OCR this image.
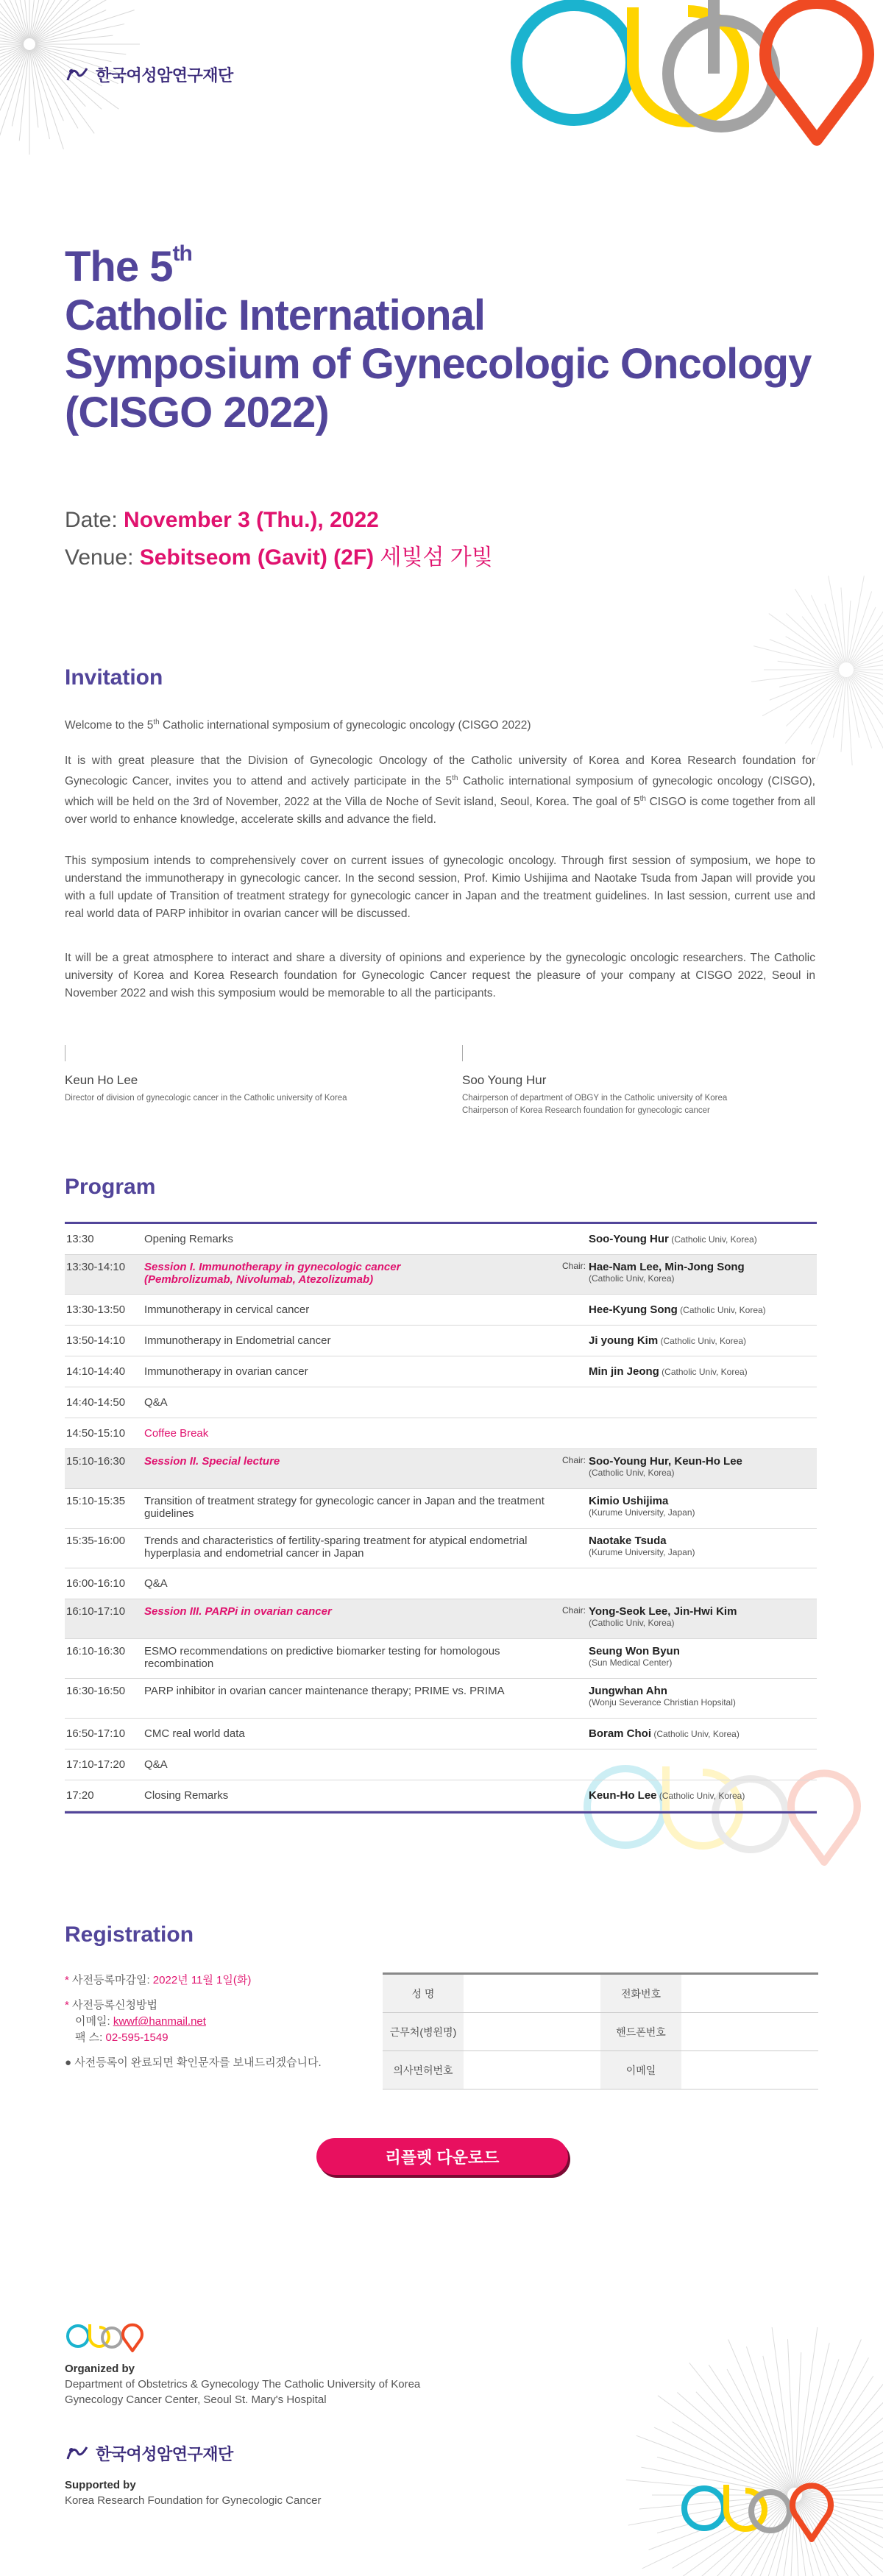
한국여성암연구재단
The 5th
Catholic International
Symposium of Gynecologic Oncology
(CISGO 2022)
Date: November 3 (Thu.), 2022
Venue: Sebitseom (Gavit) (2F) 세빛섬 가빛
Invitation
Welcome to the 5th Catholic international symposium of gynecologic oncology (CISGO 2022)
It is with great pleasure that the Division of Gynecologic Oncology of the Catholic university of Korea and Korea Research foundation for Gynecologic Cancer, invites you to attend and actively participate in the 5th Catholic international symposium of gynecologic oncology (CISGO), which will be held on the 3rd of November, 2022 at the Villa de Noche of Sevit island, Seoul, Korea. The goal of 5th CISGO is come together from all over world to enhance knowledge, accelerate skills and advance the field.
This symposium intends to comprehensively cover on current issues of gynecologic oncology. Through first session of symposium, we hope to understand the immunotherapy in gynecologic cancer. In the second session, Prof. Kimio Ushijima and Naotake Tsuda from Japan will provide you with a full update of Transition of treatment strategy for gynecologic cancer in Japan and the treatment guidelines. In last session, current use and real world data of PARP inhibitor in ovarian cancer will be discussed.
It will be a great atmosphere to interact and share a diversity of opinions and experience by the gynecologic oncologic researchers. The Catholic university of Korea and Korea Research foundation for Gynecologic Cancer request the pleasure of your company at CISGO 2022, Seoul in November 2022 and wish this symposium would be memorable to all the participants.
Keun Ho Lee
Director of division of gynecologic cancer in the Catholic university of Korea
Soo Young Hur
Chairperson of department of OBGY in the Catholic university of Korea
Chairperson of Korea Research foundation for gynecologic cancer
Program
13:30	Opening Remarks	Soo-Young Hur (Catholic Univ, Korea)
13:30-14:10	Session I. Immunotherapy in gynecologic cancer
(Pembrolizumab, Nivolumab, Atezolizumab)
Chair: Hae-Nam Lee, Min-Jong Song
(Catholic Univ, Korea)
13:30-13:50	Immunotherapy in cervical cancer	Hee-Kyung Song (Catholic Univ, Korea)
13:50-14:10	Immunotherapy in Endometrial cancer	Ji young Kim (Catholic Univ, Korea)
14:10-14:40	Immunotherapy in ovarian cancer	Min jin Jeong (Catholic Univ, Korea)
14:40-14:50	Q&A
14:50-15:10	Coffee Break
15:10-16:30	Session II. Special lecture	Chair: Soo-Young Hur, Keun-Ho Lee
(Catholic Univ, Korea)
15:10-15:35	Transition of treatment strategy for gynecologic cancer in Japan and the treatment guidelines
Kimio Ushijima
(Kurume University, Japan)
15:35-16:00	Trends and characteristics of fertility-sparing treatment for atypical endometrial hyperplasia and endometrial cancer in Japan
Naotake Tsuda
(Kurume University, Japan)
16:00-16:10	Q&A
16:10-17:10	Session III. PARPi in ovarian cancer	Chair: Yong-Seok Lee, Jin-Hwi Kim
(Catholic Univ, Korea)
16:10-16:30	ESMO recommendations on predictive biomarker testing for homologous recombination
Seung Won Byun
(Sun Medical Center)
16:30-16:50	PARP inhibitor in ovarian cancer maintenance therapy; PRIME vs. PRIMA	Jungwhan Ahn
(Wonju Severance Christian Hopsital)
16:50-17:10	CMC real world data	Boram Choi (Catholic Univ, Korea)
17:10-17:20	Q&A
17:20	Closing Remarks	Keun-Ho Lee (Catholic Univ, Korea)
Registration
* 사전등록마감일: 2022년 11월 1일(화)
* 사전등록신청방법
이메일: kwwf@hanmail.net
팩 스: 02-595-1549
● 사전등록이 완료되면 확인문자를 보내드리겠습니다.
성 명	전화번호
근무처(병원명)	핸드폰번호
의사면허번호	이메일
리플렛 다운로드
Organized by
Department of Obstetrics & Gynecology The Catholic University of Korea
Gynecology Cancer Center, Seoul St. Mary's Hospital
한국여성암연구재단
Supported by
Korea Research Foundation for Gynecologic Cancer
